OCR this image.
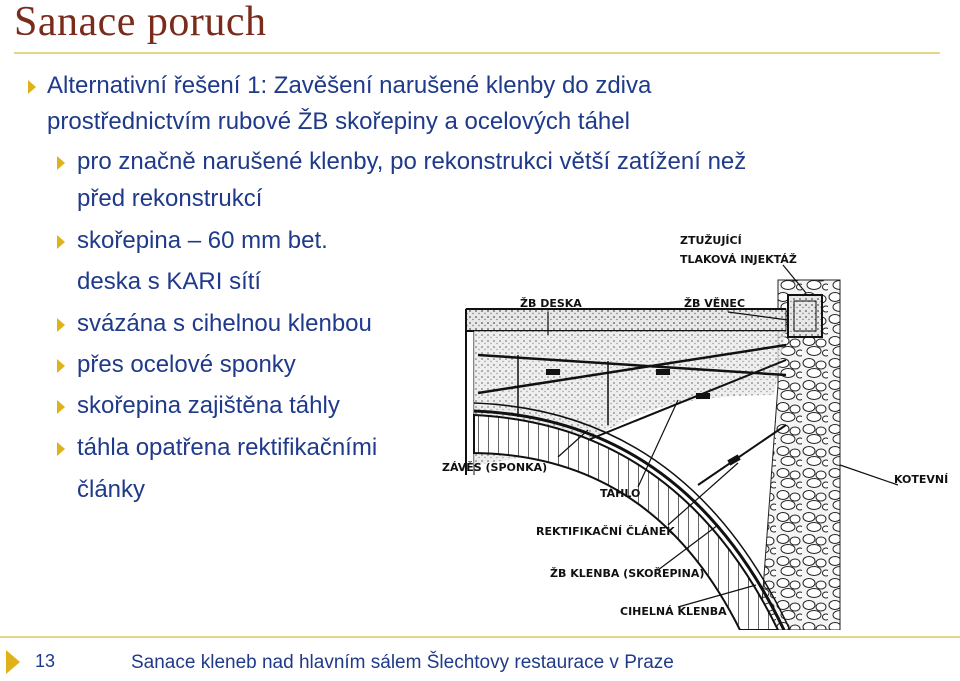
Sanace poruch
Alternativní řešení 1: Zavěšení narušené klenby do zdiva
prostřednictvím rubové ŽB skořepiny a ocelových táhel
pro značně narušené klenby, po rekonstrukci větší zatížení než
před rekonstrukcí
skořepina – 60 mm bet.
deska s KARI sítí
svázána s cihelnou klenbou
přes ocelové sponky
skořepina zajištěna táhly
táhla opatřena rektifikačními
články
ZTUŽUJÍCÍ
TLAKOVÁ INJEKTÁŽ
ŽB DESKA	ŽB VĚNEC
ZÁVĚS (SPONKA)
KOTEVNÍ
TÁHLO
REKTIFIKAČNÍ ČLÁNEK
ŽB KLENBA (SKOŘEPINA)
CIHELNÁ KLENBA
13	Sanace kleneb nad hlavním sálem Šlechtovy restaurace v Praze
